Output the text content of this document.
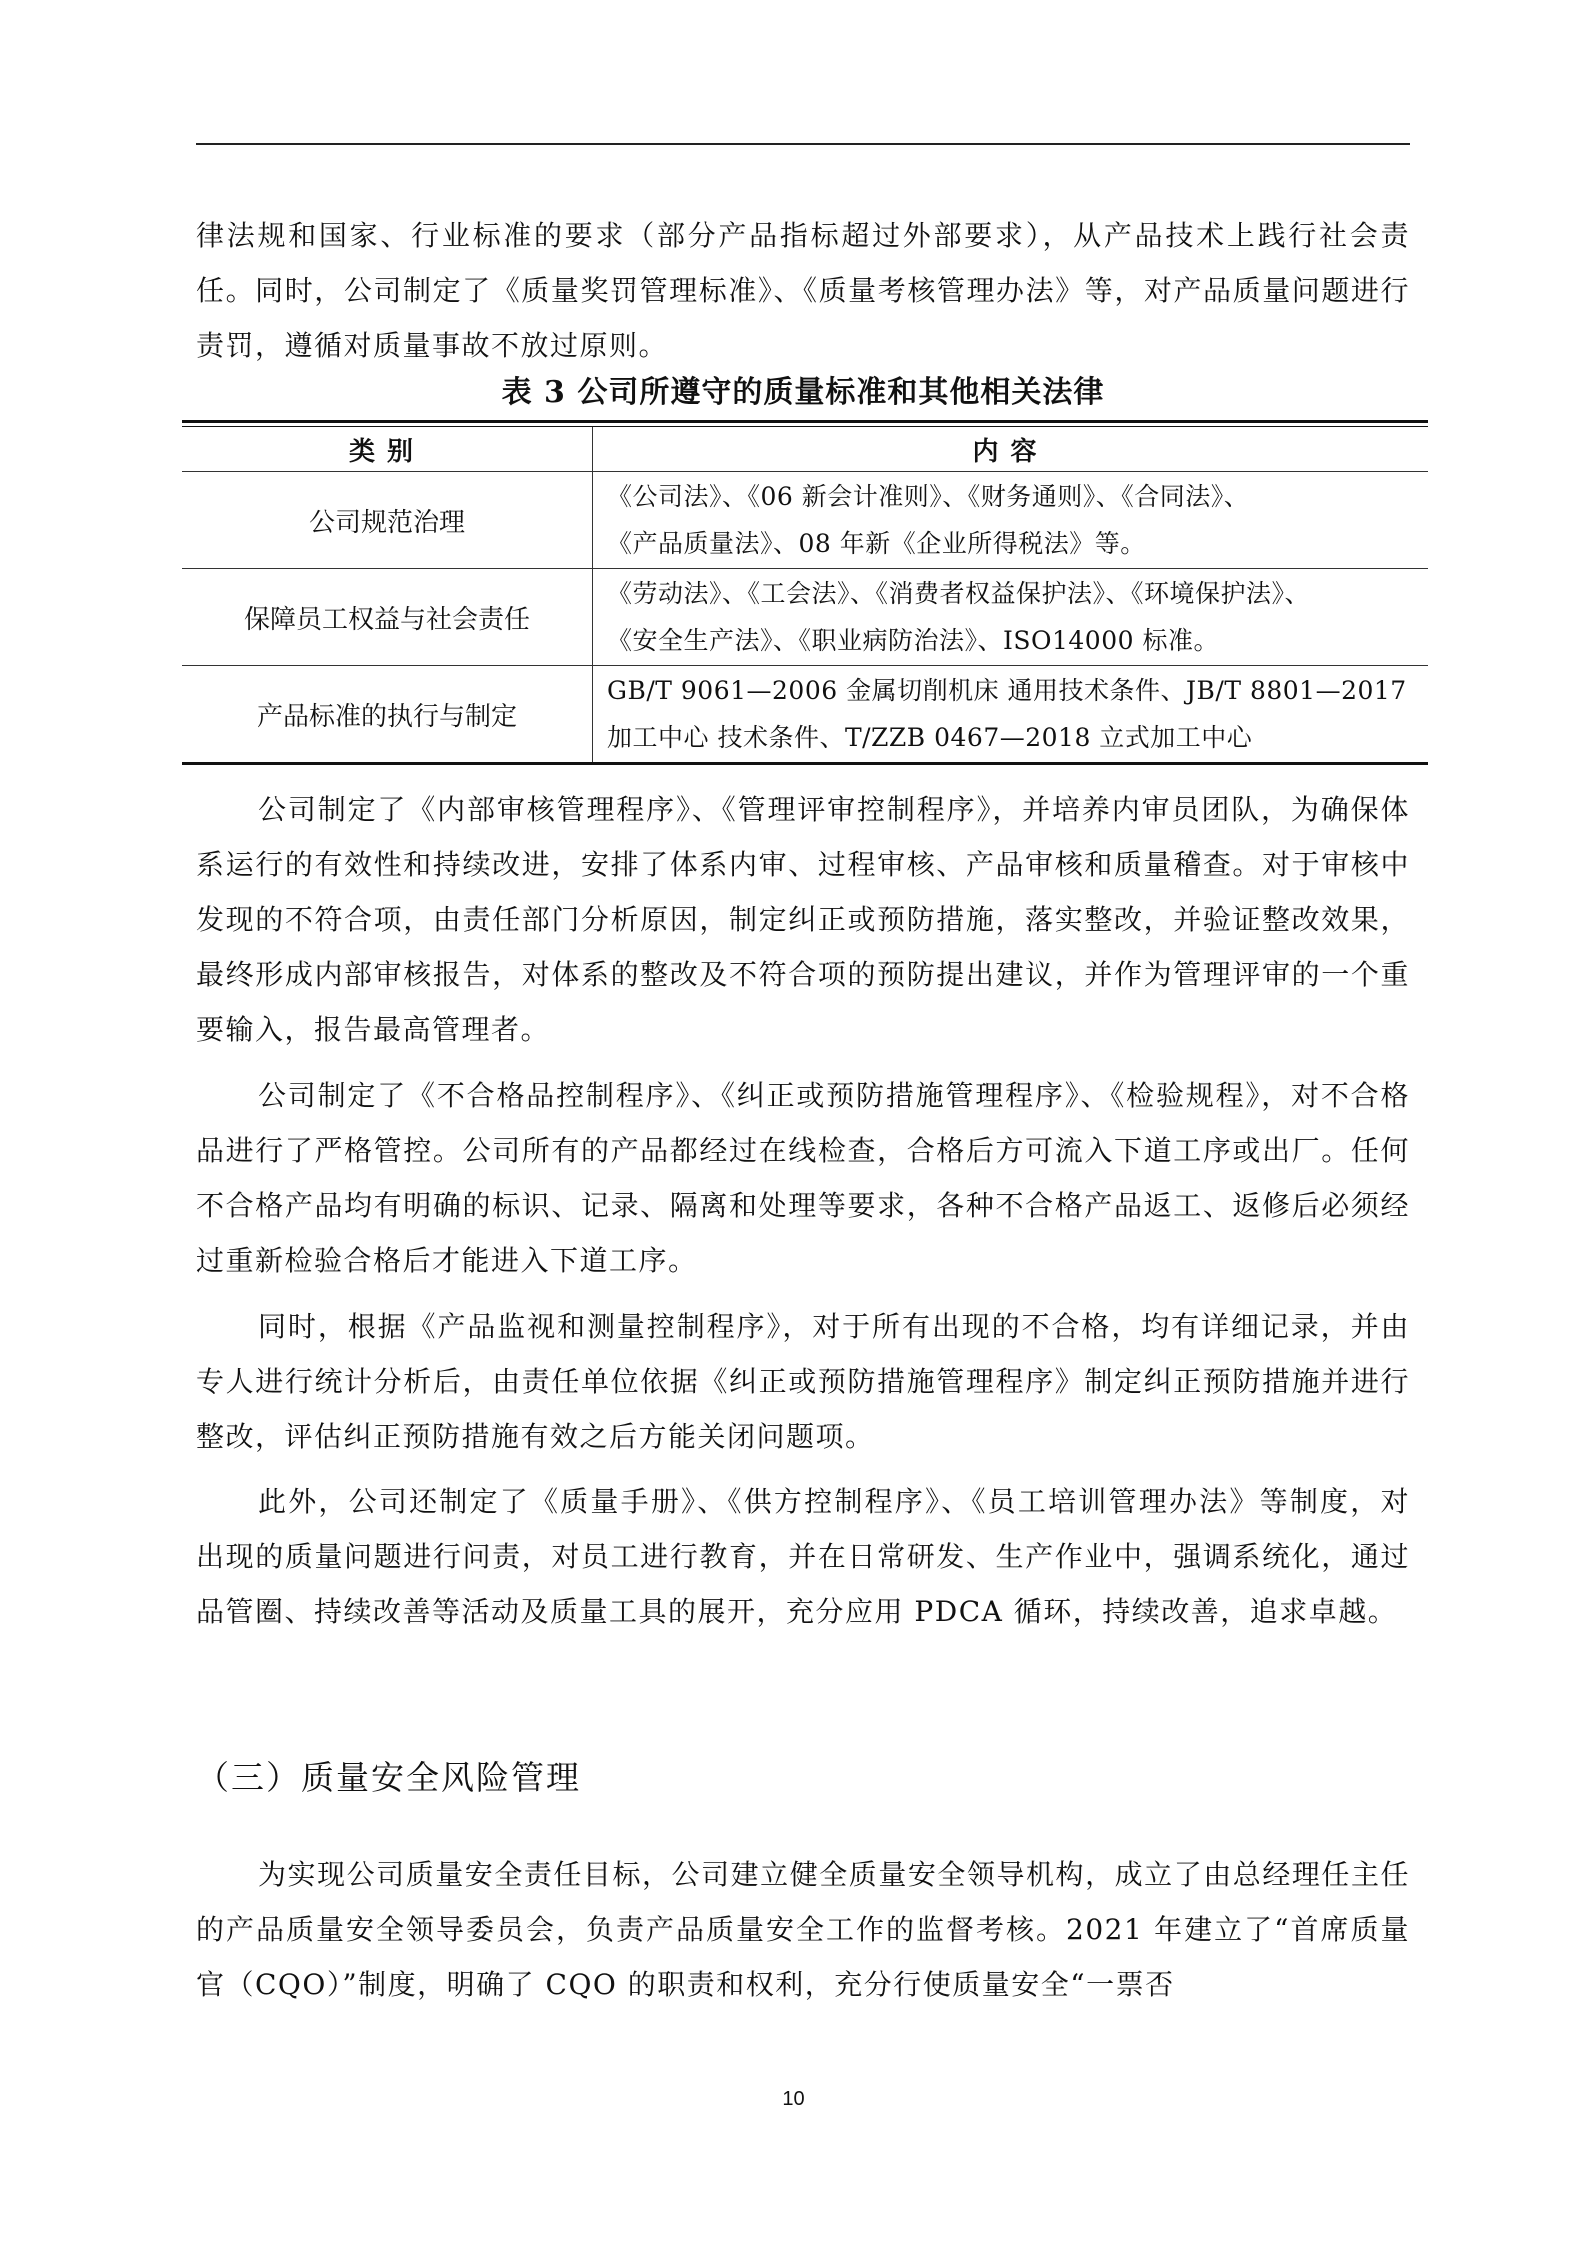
律法规和国家、行业标准的要求（部分产品指标超过外部要求），从产品技术上践行社会责任。同时，公司制定了《质量奖罚管理标准》、《质量考核管理办法》等，对产品质量问题进行责罚，遵循对质量事故不放过原则。

表 3 公司所遵守的质量标准和其他相关法律

类别	内容
公司规范治理	《公司法》、《06 新会计准则》、《财务通则》、《合同法》、
《产品质量法》、08 年新《企业所得税法》等。

保障员工权益与社会责任	《劳动法》、《工会法》、《消费者权益保护法》、《环境保护法》、
《安全生产法》、《职业病防治法》、ISO14000 标准。

产品标准的执行与制定	GB/T 9061—2006 金属切削机床 通用技术条件、JB/T 8801—2017
加工中心 技术条件、T/ZZB 0467—2018 立式加工中心

公司制定了《内部审核管理程序》、《管理评审控制程序》，并培养内审员团队，为确保体系运行的有效性和持续改进，安排了体系内审、过程审核、产品审核和质量稽查。对于审核中发现的不符合项，由责任部门分析原因，制定纠正或预防措施，落实整改，并验证整改效果，最终形成内部审核报告，对体系的整改及不符合项的预防提出建议，并作为管理评审的一个重要输入，报告最高管理者。

公司制定了《不合格品控制程序》、《纠正或预防措施管理程序》、《检验规程》，对不合格品进行了严格管控。公司所有的产品都经过在线检查，合格后方可流入下道工序或出厂。任何不合格产品均有明确的标识、记录、隔离和处理等要求，各种不合格产品返工、返修后必须经过重新检验合格后才能进入下道工序。

同时，根据《产品监视和测量控制程序》，对于所有出现的不合格，均有详细记录，并由专人进行统计分析后，由责任单位依据《纠正或预防措施管理程序》制定纠正预防措施并进行整改，评估纠正预防措施有效之后方能关闭问题项。

此外，公司还制定了《质量手册》、《供方控制程序》、《员工培训管理办法》等制度，对出现的质量问题进行问责，对员工进行教育，并在日常研发、生产作业中，强调系统化，通过品管圈、持续改善等活动及质量工具的展开，充分应用 PDCA 循环，持续改善，追求卓越。

（三）质量安全风险管理

为实现公司质量安全责任目标，公司建立健全质量安全领导机构，成立了由总经理任主任的产品质量安全领导委员会，负责产品质量安全工作的监督考核。2021 年建立了“首席质量官（CQO）”制度，明确了 CQO 的职责和权利，充分行使质量安全“一票否

10
